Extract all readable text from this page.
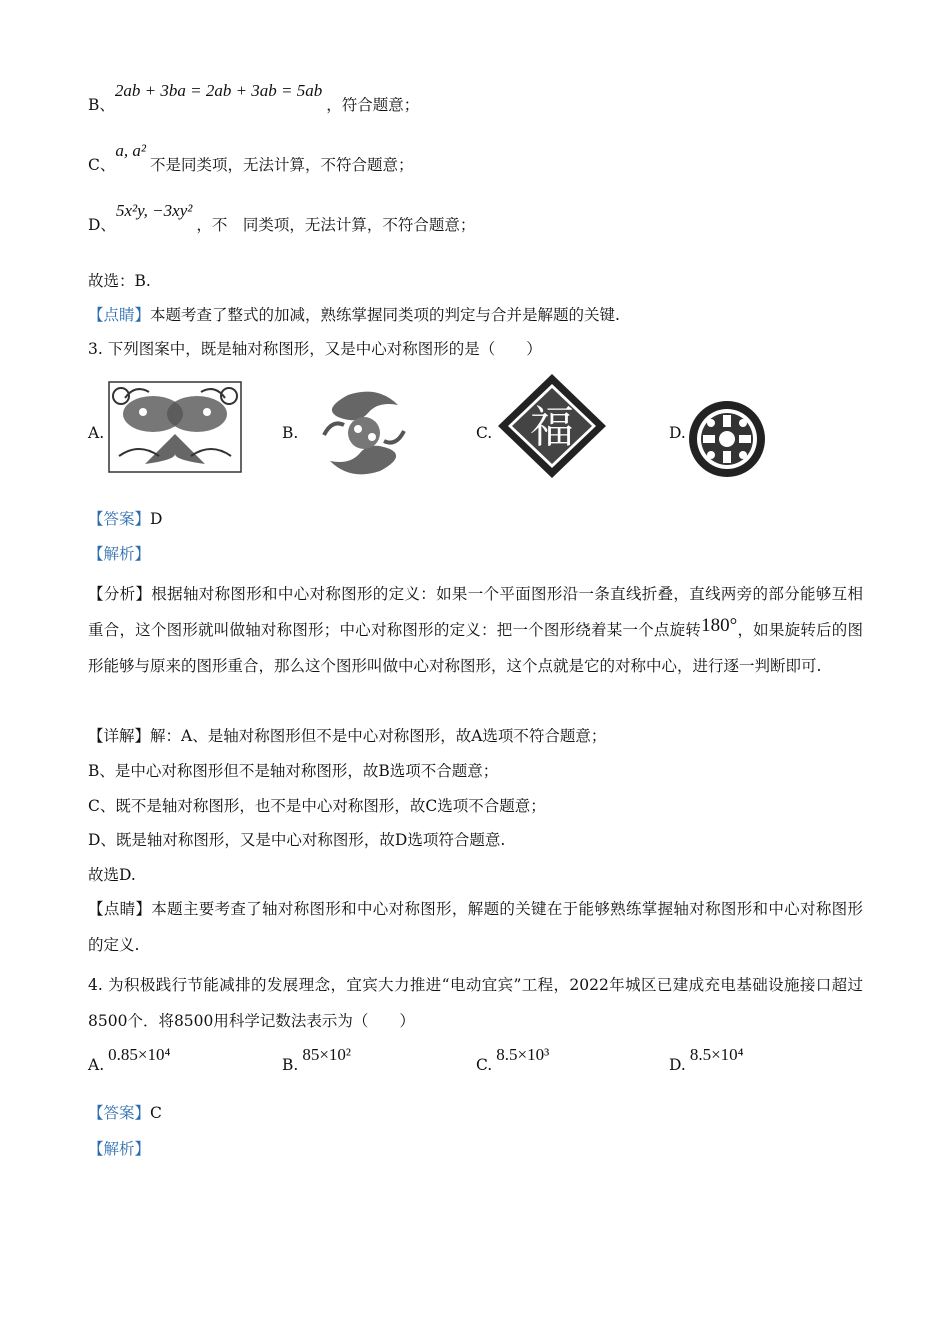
B、2ab + 3ba = 2ab + 3ab = 5ab，符合题意；
C、a, a²不是同类项，无法计算，不符合题意；
D、5x²y, −3xy²，不　同类项，无法计算，不符合题意；
故选：B.
【点睛】本题考查了整式的加减，熟练掌握同类项的判定与合并是解题的关键.
3. 下列图案中，既是轴对称图形，又是中心对称图形的是（　　）
A.	B.	C. 福	D.
【答案】D
【解析】
【分析】根据轴对称图形和中心对称图形的定义：如果一个平面图形沿一条直线折叠，直线两旁的部分能够互相重合，这个图形就叫做轴对称图形；中心对称图形的定义：把一个图形绕着某一个点旋转180°，如果旋转后的图形能够与原来的图形重合，那么这个图形叫做中心对称图形，这个点就是它的对称中心，进行逐一判断即可.
【详解】解：A、是轴对称图形但不是中心对称图形，故A选项不符合题意；
B、是中心对称图形但不是轴对称图形，故B选项不合题意；
C、既不是轴对称图形，也不是中心对称图形，故C选项不合题意；
D、既是轴对称图形，又是中心对称图形，故D选项符合题意.
故选D.
【点睛】本题主要考查了轴对称图形和中心对称图形，解题的关键在于能够熟练掌握轴对称图形和中心对称图形的定义.
4. 为积极践行节能减排的发展理念，宜宾大力推进“电动宜宾”工程，2022年城区已建成充电基础设施接口超过8500个．将8500用科学记数法表示为（　　）
A.0.85×10⁴
B.85×10²
C.8.5×10³
D.8.5×10⁴
【答案】C
【解析】
